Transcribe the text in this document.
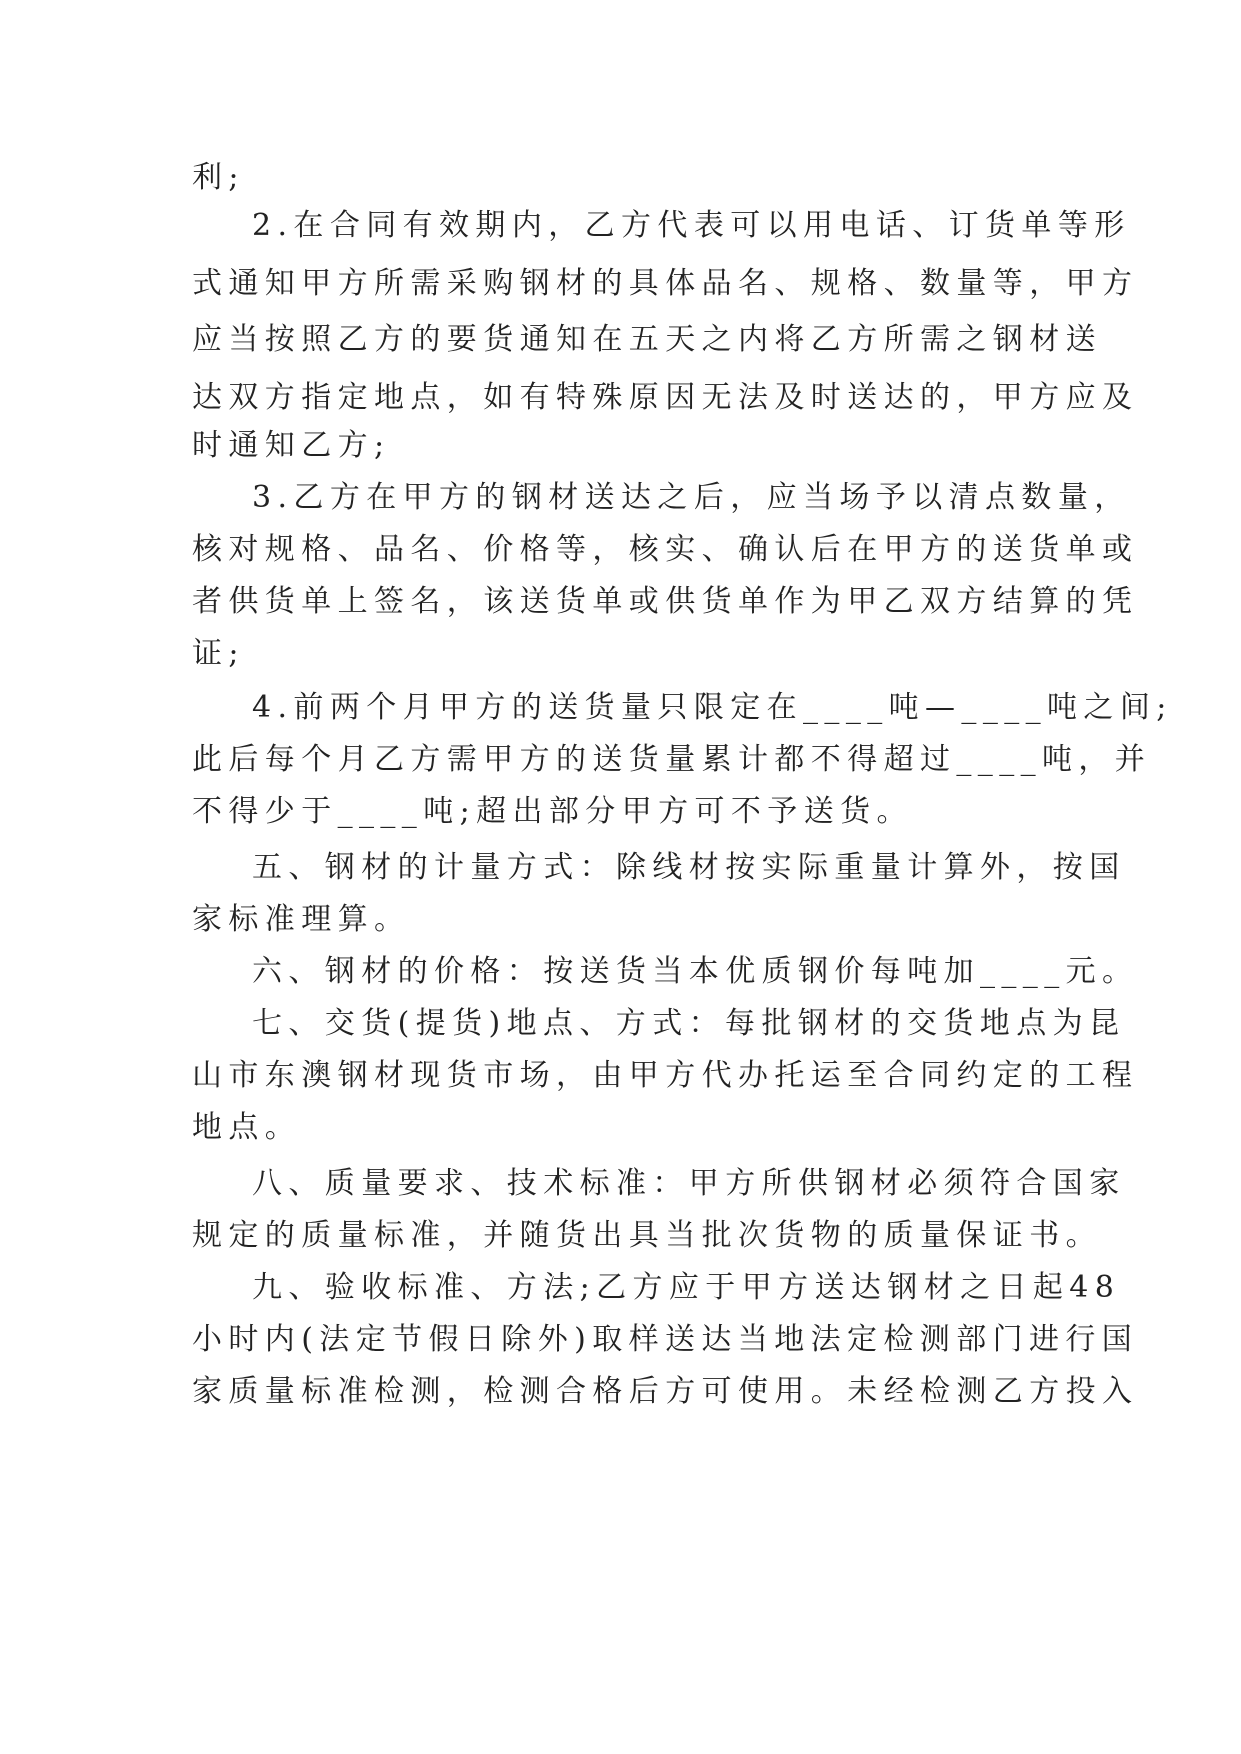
利;
2.在合同有效期内，乙方代表可以用电话、订货单等形
式通知甲方所需采购钢材的具体品名、规格、数量等，甲方
应当按照乙方的要货通知在五天之内将乙方所需之钢材送
达双方指定地点，如有特殊原因无法及时送达的，甲方应及
时通知乙方;
3.乙方在甲方的钢材送达之后，应当场予以清点数量，
核对规格、品名、价格等，核实、确认后在甲方的送货单或
者供货单上签名，该送货单或供货单作为甲乙双方结算的凭
证;
4.前两个月甲方的送货量只限定在____吨—____吨之间;
此后每个月乙方需甲方的送货量累计都不得超过____吨，并
不得少于____吨;超出部分甲方可不予送货。
五、钢材的计量方式：除线材按实际重量计算外，按国
家标准理算。
六、钢材的价格：按送货当本优质钢价每吨加____元。
七、交货(提货)地点、方式：每批钢材的交货地点为昆
山市东澳钢材现货市场，由甲方代办托运至合同约定的工程
地点。
八、质量要求、技术标准：甲方所供钢材必须符合国家
规定的质量标准，并随货出具当批次货物的质量保证书。
九、验收标准、方法;乙方应于甲方送达钢材之日起48
小时内(法定节假日除外)取样送达当地法定检测部门进行国
家质量标准检测，检测合格后方可使用。未经检测乙方投入
